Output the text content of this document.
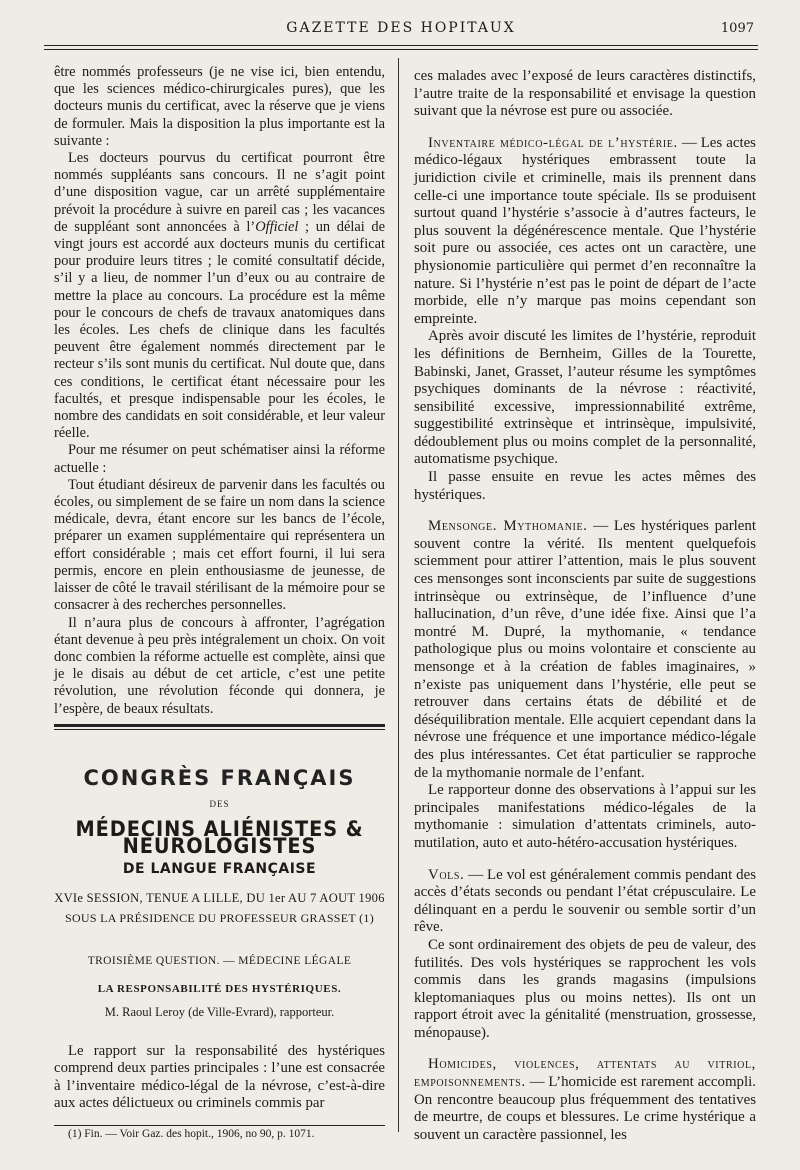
GAZETTE DES HOPITAUX	1097

être nommés professeurs (je ne vise ici, bien entendu, que les sciences médico-chirurgicales pures), que les docteurs munis du certificat, avec la réserve que je viens de formuler. Mais la disposition la plus importante est la suivante :

Les docteurs pourvus du certificat pourront être nommés suppléants sans concours. Il ne s’agit point d’une disposition vague, car un arrêté supplémentaire prévoit la procédure à suivre en pareil cas ; les vacances de suppléant sont annoncées à l’Officiel ; un délai de vingt jours est accordé aux docteurs munis du certificat pour produire leurs titres ; le comité consultatif décide, s’il y a lieu, de nommer l’un d’eux ou au contraire de mettre la place au concours. La procédure est la même pour le concours de chefs de travaux anatomiques dans les écoles. Les chefs de clinique dans les facultés peuvent être également nommés directement par le recteur s’ils sont munis du certificat. Nul doute que, dans ces conditions, le certificat étant nécessaire pour les facultés, et presque indispensable pour les écoles, le nombre des candidats en soit considérable, et leur valeur réelle.

Pour me résumer on peut schématiser ainsi la réforme actuelle :

Tout étudiant désireux de parvenir dans les facultés ou écoles, ou simplement de se faire un nom dans la science médicale, devra, étant encore sur les bancs de l’école, préparer un examen supplémentaire qui représentera un effort considérable ; mais cet effort fourni, il lui sera permis, encore en plein enthousiasme de jeunesse, de laisser de côté le travail stérilisant de la mémoire pour se consacrer à des recherches personnelles.

Il n’aura plus de concours à affronter, l’agrégation étant devenue à peu près intégralement un choix. On voit donc combien la réforme actuelle est complète, ainsi que je le disais au début de cet article, c’est une petite révolution, une révolution féconde qui donnera, je l’espère, de beaux résultats.

CONGRÈS FRANÇAIS
DES
MÉDECINS ALIÉNISTES & NEUROLOGISTES
DE LANGUE FRANÇAISE
XVIe SESSION, TENUE A LILLE, DU 1er AU 7 AOUT 1906
SOUS LA PRÉSIDENCE DU PROFESSEUR GRASSET (1)
TROISIÈME QUESTION. — MÉDECINE LÉGALE
LA RESPONSABILITÉ DES HYSTÉRIQUES.
M. Raoul Leroy (de Ville-Evrard), rapporteur.

Le rapport sur la responsabilité des hystériques comprend deux parties principales : l’une est consacrée à l’inventaire médico-légal de la névrose, c’est-à-dire aux actes délictueux ou criminels commis par

(1) Fin. — Voir Gaz. des hopit., 1906, no 90, p. 1071.

ces malades avec l’exposé de leurs caractères distinctifs, l’autre traite de la responsabilité et envisage la question suivant que la névrose est pure ou associée.

Inventaire médico-légal de l’hystérie. — Les actes médico-légaux hystériques embrassent toute la juridiction civile et criminelle, mais ils prennent dans celle-ci une importance toute spéciale. Ils se produisent surtout quand l’hystérie s’associe à d’autres facteurs, le plus souvent la dégénérescence mentale. Que l’hystérie soit pure ou associée, ces actes ont un caractère, une physionomie particulière qui permet d’en reconnaître la nature. Si l’hystérie n’est pas le point de départ de l’acte morbide, elle n’y marque pas moins cependant son empreinte.

Après avoir discuté les limites de l’hystérie, reproduit les définitions de Bernheim, Gilles de la Tourette, Babinski, Janet, Grasset, l’auteur résume les symptômes psychiques dominants de la névrose : réactivité, sensibilité excessive, impressionnabilité extrême, suggestibilité extrinsèque et intrinsèque, impulsivité, dédoublement plus ou moins complet de la personnalité, automatisme psychique.

Il passe ensuite en revue les actes mêmes des hystériques.

Mensonge. Mythomanie. — Les hystériques parlent souvent contre la vérité. Ils mentent quelquefois sciemment pour attirer l’attention, mais le plus souvent ces mensonges sont inconscients par suite de suggestions intrinsèque ou extrinsèque, de l’influence d’une hallucination, d’un rêve, d’une idée fixe. Ainsi que l’a montré M. Dupré, la mythomanie, « tendance pathologique plus ou moins volontaire et consciente au mensonge et à la création de fables imaginaires, » n’existe pas uniquement dans l’hystérie, elle peut se retrouver dans certains états de débilité et de déséquilibration mentale. Elle acquiert cependant dans la névrose une fréquence et une importance médico-légale des plus intéressantes. Cet état particulier se rapproche de la mythomanie normale de l’enfant.

Le rapporteur donne des observations à l’appui sur les principales manifestations médico-légales de la mythomanie : simulation d’attentats criminels, auto-mutilation, auto et auto-hétéro-accusation hystériques.

Vols. — Le vol est généralement commis pendant des accès d’états seconds ou pendant l’état crépusculaire. Le délinquant en a perdu le souvenir ou semble sortir d’un rêve.

Ce sont ordinairement des objets de peu de valeur, des futilités. Des vols hystériques se rapprochent les vols commis dans les grands magasins (impulsions kleptomaniaques plus ou moins nettes). Ils ont un rapport étroit avec la génitalité (menstruation, grossesse, ménopause).

Homicides, violences, attentats au vitriol, empoisonnements. — L’homicide est rarement accompli. On rencontre beaucoup plus fréquemment des tentatives de meurtre, de coups et blessures. Le crime hystérique a souvent un caractère passionnel, les
